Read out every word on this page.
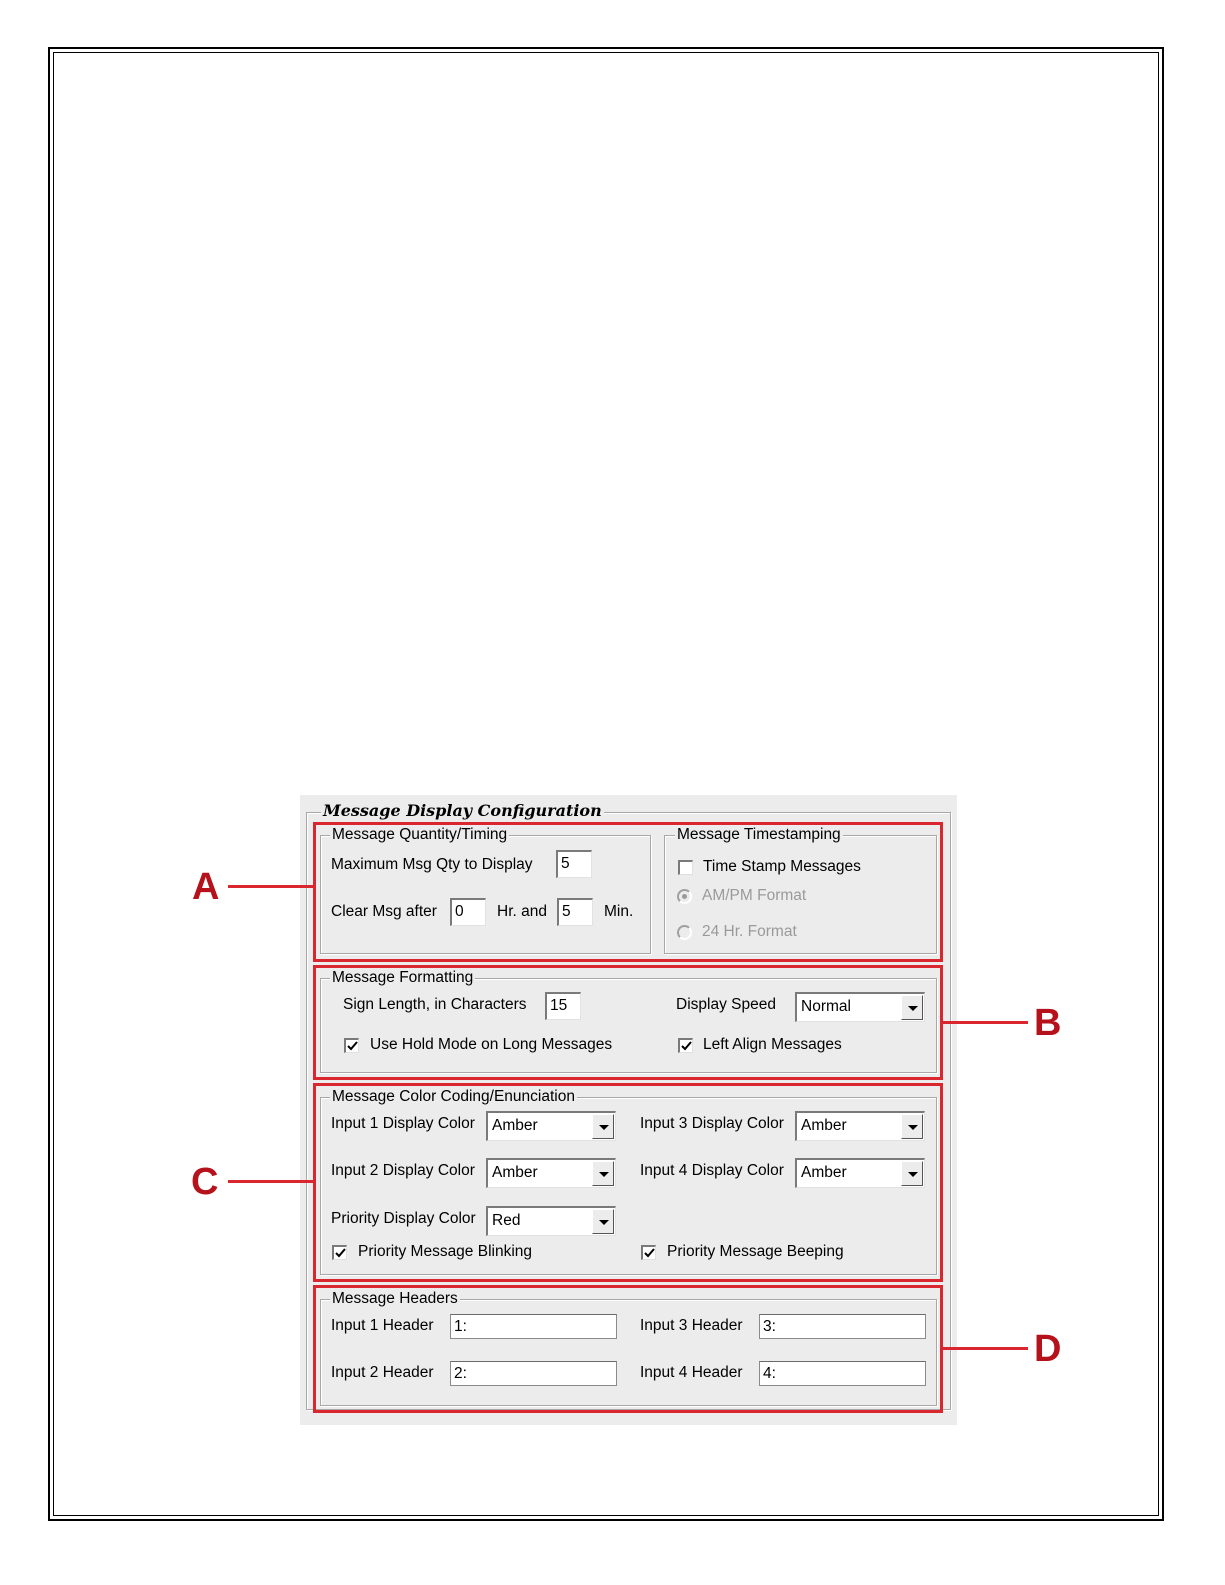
Message Display Configuration
Message Quantity/Timing
Maximum Msg Qty to Display	5
Clear Msg after	0	Hr. and 5	Min.
Message Timestamping
Time Stamp Messages
AM/PM Format
24 Hr. Format
Message Formatting
Sign Length, in Characters	15	Display Speed Normal
Use Hold Mode on Long Messages	Left Align Messages
Message Color Coding/Enunciation
Input 1 Display Color Amber	Input 3 Display Color Amber
Input 2 Display Color Amber	Input 4 Display Color Amber
Priority Display Color Red
Priority Message Blinking	Priority Message Beeping
Message Headers
Input 1 Header 1:	Input 3 Header 3:
Input 2 Header 2:	Input 4 Header 4:
A
B
C
D
